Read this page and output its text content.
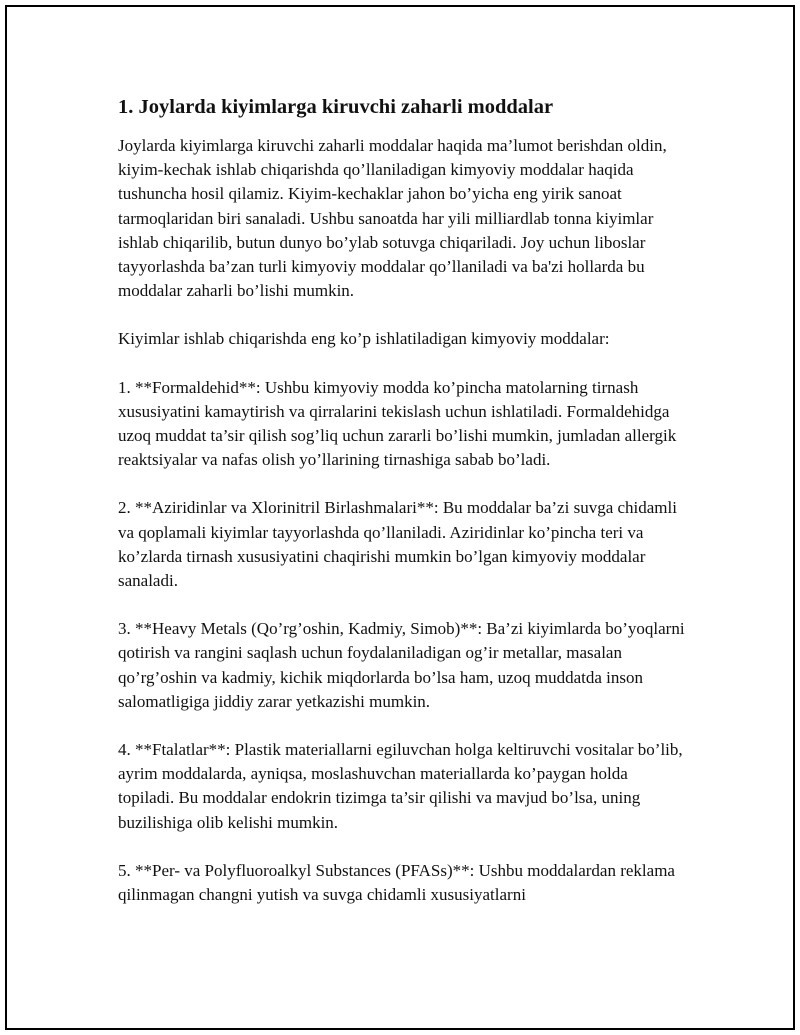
1. Joylarda kiyimlarga kiruvchi zaharli moddalar

Joylarda kiyimlarga kiruvchi zaharli moddalar haqida ma’lumot berishdan oldin, kiyim-kechak ishlab chiqarishda qo’llaniladigan kimyoviy moddalar haqida tushuncha hosil qilamiz. Kiyim-kechaklar jahon bo’yicha eng yirik sanoat tarmoqlaridan biri sanaladi. Ushbu sanoatda har yili milliardlab tonna kiyimlar ishlab chiqarilib, butun dunyo bo’ylab sotuvga chiqariladi. Joy uchun liboslar tayyorlashda ba’zan turli kimyoviy moddalar qo’llaniladi va ba'zi hollarda bu moddalar zaharli bo’lishi mumkin.

Kiyimlar ishlab chiqarishda eng ko’p ishlatiladigan kimyoviy moddalar:

1. **Formaldehid**: Ushbu kimyoviy modda ko’pincha matolarning tirnash xususiyatini kamaytirish va qirralarini tekislash uchun ishlatiladi. Formaldehidga uzoq muddat ta’sir qilish sog’liq uchun zararli bo’lishi mumkin, jumladan allergik reaktsiyalar va nafas olish yo’llarining tirnashiga sabab bo’ladi.

2. **Aziridinlar va Xlorinitril Birlashmalari**: Bu moddalar ba’zi suvga chidamli va qoplamali kiyimlar tayyorlashda qo’llaniladi. Aziridinlar ko’pincha teri va ko’zlarda tirnash xususiyatini chaqirishi mumkin bo’lgan kimyoviy moddalar sanaladi.

3. **Heavy Metals (Qo’rg’oshin, Kadmiy, Simob)**: Ba’zi kiyimlarda bo’yoqlarni qotirish va rangini saqlash uchun foydalaniladigan og’ir metallar, masalan qo’rg’oshin va kadmiy, kichik miqdorlarda bo’lsa ham, uzoq muddatda inson salomatligiga jiddiy zarar yetkazishi mumkin.

4. **Ftalatlar**: Plastik materiallarni egiluvchan holga keltiruvchi vositalar bo’lib, ayrim moddalarda, ayniqsa, moslashuvchan materiallarda ko’paygan holda topiladi. Bu moddalar endokrin tizimga ta’sir qilishi va mavjud bo’lsa, uning buzilishiga olib kelishi mumkin.

5. **Per- va Polyfluoroalkyl Substances (PFASs)**: Ushbu moddalardan reklama qilinmagan changni yutish va suvga chidamli xususiyatlarni
